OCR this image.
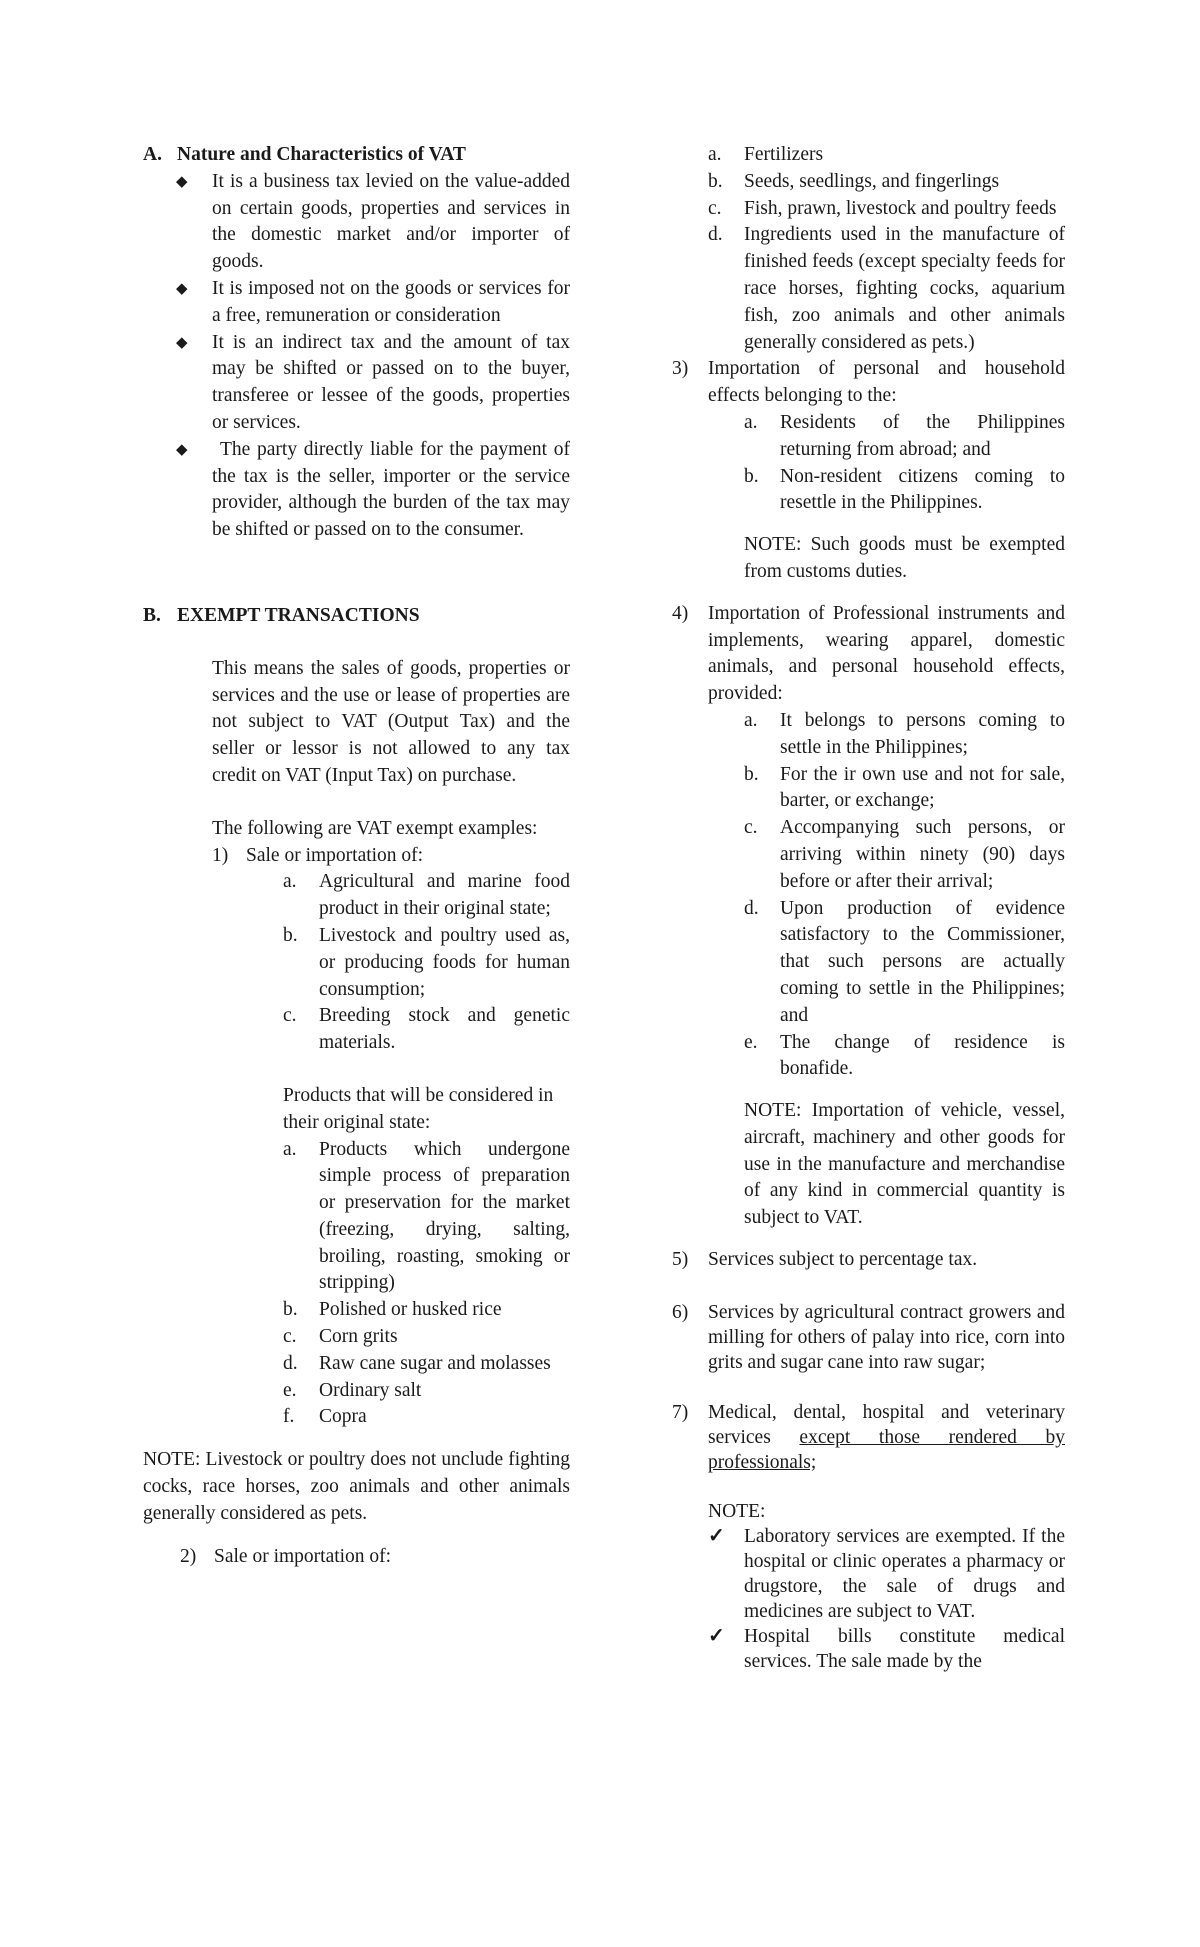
A. Nature and Characteristics of VAT
◆ It is a business tax levied on the value-added on certain goods, properties and services in the domestic market and/or importer of goods.

◆ It is imposed not on the goods or services for a free, remuneration or consideration

◆ It is an indirect tax and the amount of tax may be shifted or passed on to the buyer, transferee or lessee of the goods, properties or services.

◆	The party directly liable for the payment of the tax is the seller, importer or the service provider, although the burden of the tax may be shifted or passed on to the consumer.

B. EXEMPT TRANSACTIONS

This means the sales of goods, properties or services and the use or lease of properties are not subject to VAT (Output Tax) and the seller or lessor is not allowed to any tax credit on VAT (Input Tax) on purchase.

The following are VAT exempt examples:

1) Sale or importation of:
a. Agricultural and marine food product in their original state;

b. Livestock and poultry used as, or producing foods for human consumption;

c. Breeding stock and genetic materials.

Products that will be considered in their original state:

a. Products which undergone simple process of preparation or preservation for the market (freezing, drying, salting, broiling, roasting, smoking or stripping)

b. Polished or husked rice

c. Corn grits

d. Raw cane sugar and molasses

e. Ordinary salt

f. Copra

NOTE: Livestock or poultry does not unclude fighting cocks, race horses, zoo animals and other animals generally considered as pets.

2) Sale or importation of:
a. Fertilizers

b. Seeds, seedlings, and fingerlings

c. Fish, prawn, livestock and poultry feeds

d. Ingredients used in the manufacture of finished feeds (except specialty feeds for race horses, fighting cocks, aquarium fish, zoo animals and other animals generally considered as pets.)

3) Importation of personal and household effects belonging to the:

a. Residents of the Philippines returning from abroad; and

b. Non-resident citizens coming to resettle in the Philippines.

NOTE: Such goods must be exempted from customs duties.

4) Importation of Professional instruments and implements, wearing apparel, domestic animals, and personal household effects, provided:

a. It belongs to persons coming to settle in the Philippines;

b. For the ir own use and not for sale, barter, or exchange;

c. Accompanying such persons, or arriving within ninety (90) days before or after their arrival;

d. Upon production of evidence satisfactory to the Commissioner, that such persons are actually coming to settle in the Philippines; and

e. The change of residence is bonafide.

NOTE: Importation of vehicle, vessel, aircraft, machinery and other goods for use in the manufacture and merchandise of any kind in commercial quantity is subject to VAT.

5) Services subject to percentage tax.

6) Services by agricultural contract growers and milling for others of palay into rice, corn into grits and sugar cane into raw sugar;

7) Medical, dental, hospital and veterinary services except those rendered by professionals;

NOTE:

✓ Laboratory services are exempted. If the hospital or clinic operates a pharmacy or drugstore, the sale of drugs and medicines are subject to VAT.

✓ Hospital bills constitute medical services. The sale made by the
